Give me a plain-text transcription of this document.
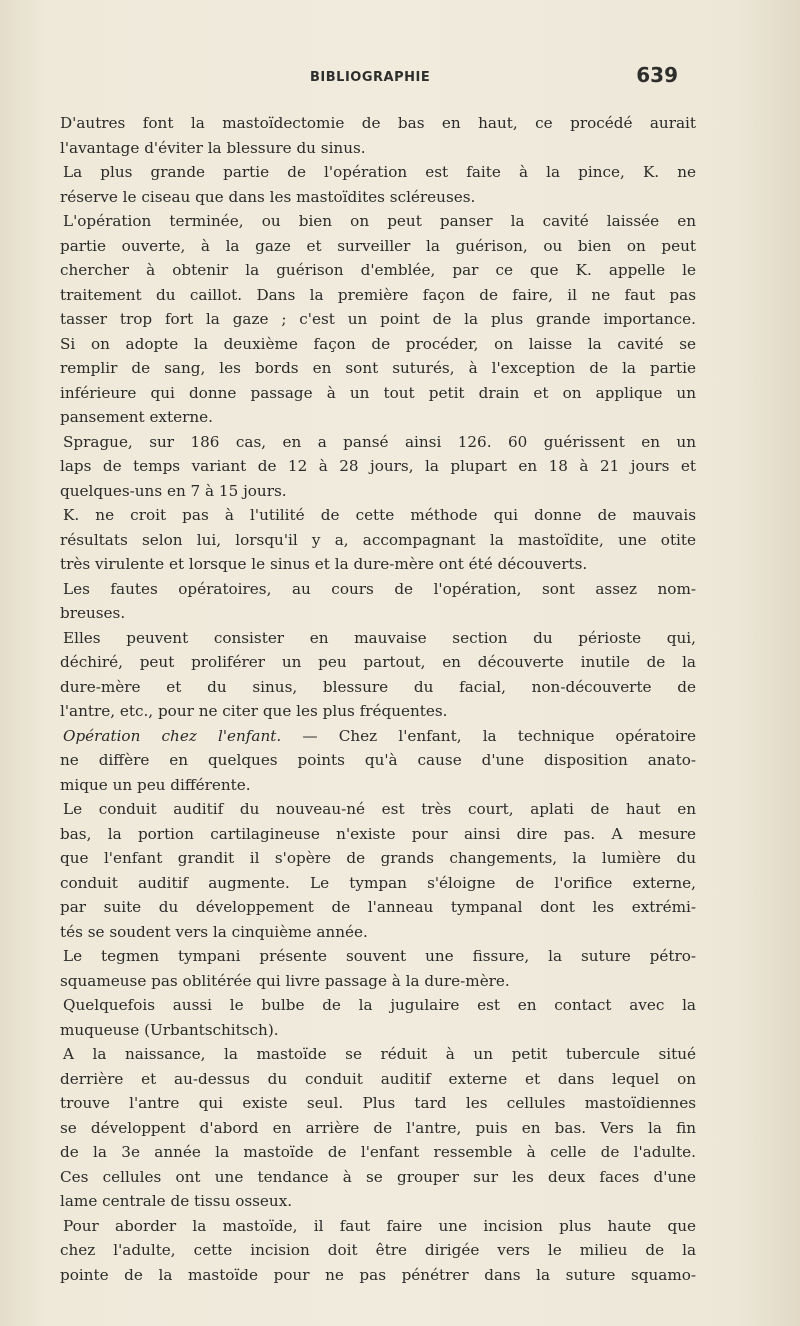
BIBLIOGRAPHIE	639
D'autres font la mastoïdectomie de bas en haut, ce procédé aurait
l'avantage d'éviter la blessure du sinus.
La plus grande partie de l'opération est faite à la pince, K. ne
réserve le ciseau que dans les mastoïdites scléreuses.
L'opération terminée, ou bien on peut panser la cavité laissée en
partie ouverte, à la gaze et surveiller la guérison, ou bien on peut
chercher à obtenir la guérison d'emblée, par ce que K. appelle le
traitement du caillot. Dans la première façon de faire, il ne faut pas
tasser trop fort la gaze ; c'est un point de la plus grande importance.
Si on adopte la deuxième façon de procéder, on laisse la cavité se
remplir de sang, les bords en sont suturés, à l'exception de la partie
inférieure qui donne passage à un tout petit drain et on applique un
pansement externe.
Sprague, sur 186 cas, en a pansé ainsi 126. 60 guérissent en un
laps de temps variant de 12 à 28 jours, la plupart en 18 à 21 jours et
quelques-uns en 7 à 15 jours.
K. ne croit pas à l'utilité de cette méthode qui donne de mauvais
résultats selon lui, lorsqu'il y a, accompagnant la mastoïdite, une otite
très virulente et lorsque le sinus et la dure-mère ont été découverts.
Les fautes opératoires, au cours de l'opération, sont assez nom-
breuses.
Elles peuvent consister en mauvaise section du périoste qui,
déchiré, peut proliférer un peu partout, en découverte inutile de la
dure-mère et du sinus, blessure du facial, non-découverte de
l'antre, etc., pour ne citer que les plus fréquentes.
Opération chez l'enfant. — Chez l'enfant, la technique opératoire
ne diffère en quelques points qu'à cause d'une disposition anato-
mique un peu différente.
Le conduit auditif du nouveau-né est très court, aplati de haut en
bas, la portion cartilagineuse n'existe pour ainsi dire pas. A mesure
que l'enfant grandit il s'opère de grands changements, la lumière du
conduit auditif augmente. Le tympan s'éloigne de l'orifice externe,
par suite du développement de l'anneau tympanal dont les extrémi-
tés se soudent vers la cinquième année.
Le tegmen tympani présente souvent une fissure, la suture pétro-
squameuse pas oblitérée qui livre passage à la dure-mère.
Quelquefois aussi le bulbe de la jugulaire est en contact avec la
muqueuse (Urbantschitsch).
A la naissance, la mastoïde se réduit à un petit tubercule situé
derrière et au-dessus du conduit auditif externe et dans lequel on
trouve l'antre qui existe seul. Plus tard les cellules mastoïdiennes
se développent d'abord en arrière de l'antre, puis en bas. Vers la fin
de la 3e année la mastoïde de l'enfant ressemble à celle de l'adulte.
Ces cellules ont une tendance à se grouper sur les deux faces d'une
lame centrale de tissu osseux.
Pour aborder la mastoïde, il faut faire une incision plus haute que
chez l'adulte, cette incision doit être dirigée vers le milieu de la
pointe de la mastoïde pour ne pas pénétrer dans la suture squamo-
